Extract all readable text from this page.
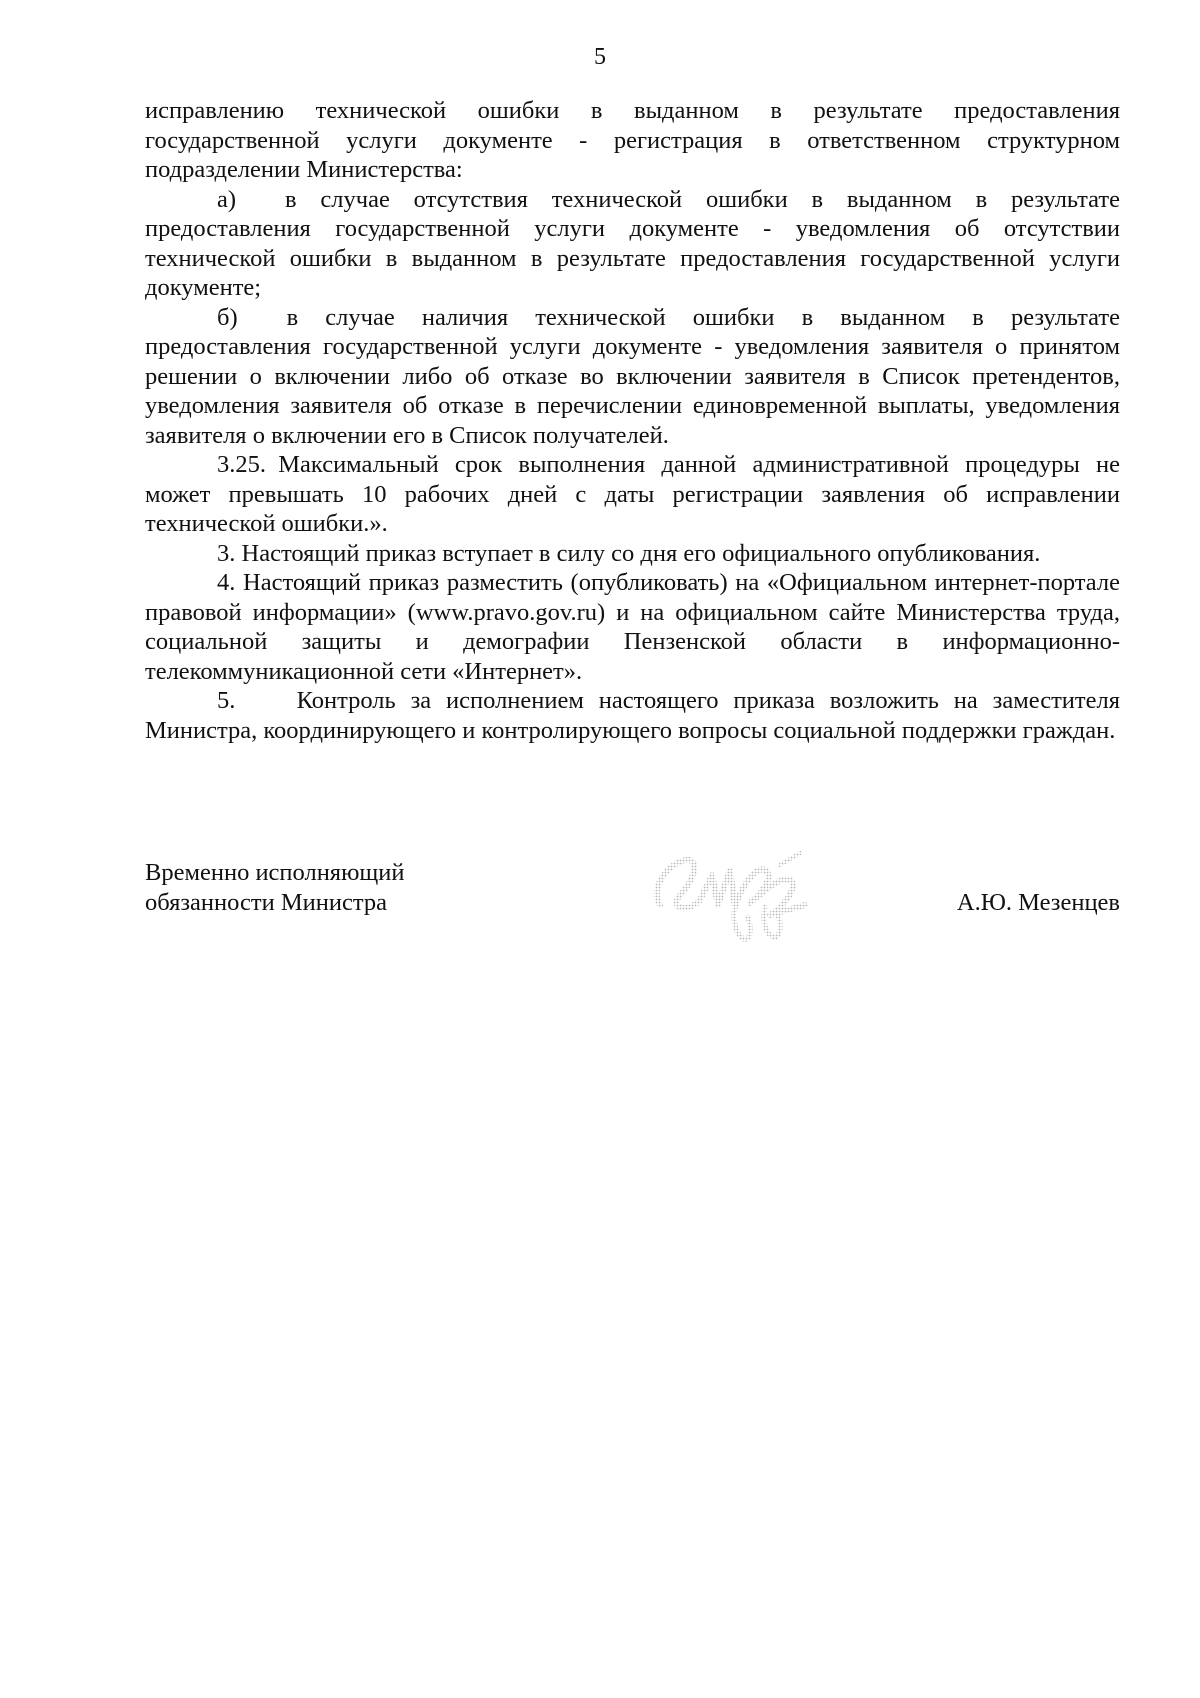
5

исправлению технической ошибки в выданном в результате предоставления государственной услуги документе - регистрация в ответственном структурном подразделении Министерства:

а)  в случае отсутствия технической ошибки в выданном в результате предоставления государственной услуги документе - уведомления об отсутствии технической ошибки в выданном в результате предоставления государственной услуги документе;

б)  в случае наличия технической ошибки в выданном в результате предоставления государственной услуги документе - уведомления заявителя о принятом решении о включении либо об отказе во включении заявителя в Список претендентов, уведомления заявителя об отказе в перечислении единовременной выплаты, уведомления заявителя о включении его в Список получателей.

3.25. Максимальный срок выполнения данной административной процедуры не может превышать 10 рабочих дней с даты регистрации заявления об исправлении технической ошибки.».

3. Настоящий приказ вступает в силу со дня его официального опубликования.

4. Настоящий приказ разместить (опубликовать) на «Официальном интернет-портале правовой информации» (www.pravo.gov.ru) и на официальном сайте Министерства труда, социальной защиты и демографии Пензенской области в информационно-телекоммуникационной сети «Интернет».

5.   Контроль за исполнением настоящего приказа возложить на заместителя Министра, координирующего и контролирующего вопросы социальной поддержки граждан.

Временно исполняющий
обязанности Министра	А.Ю. Мезенцев
